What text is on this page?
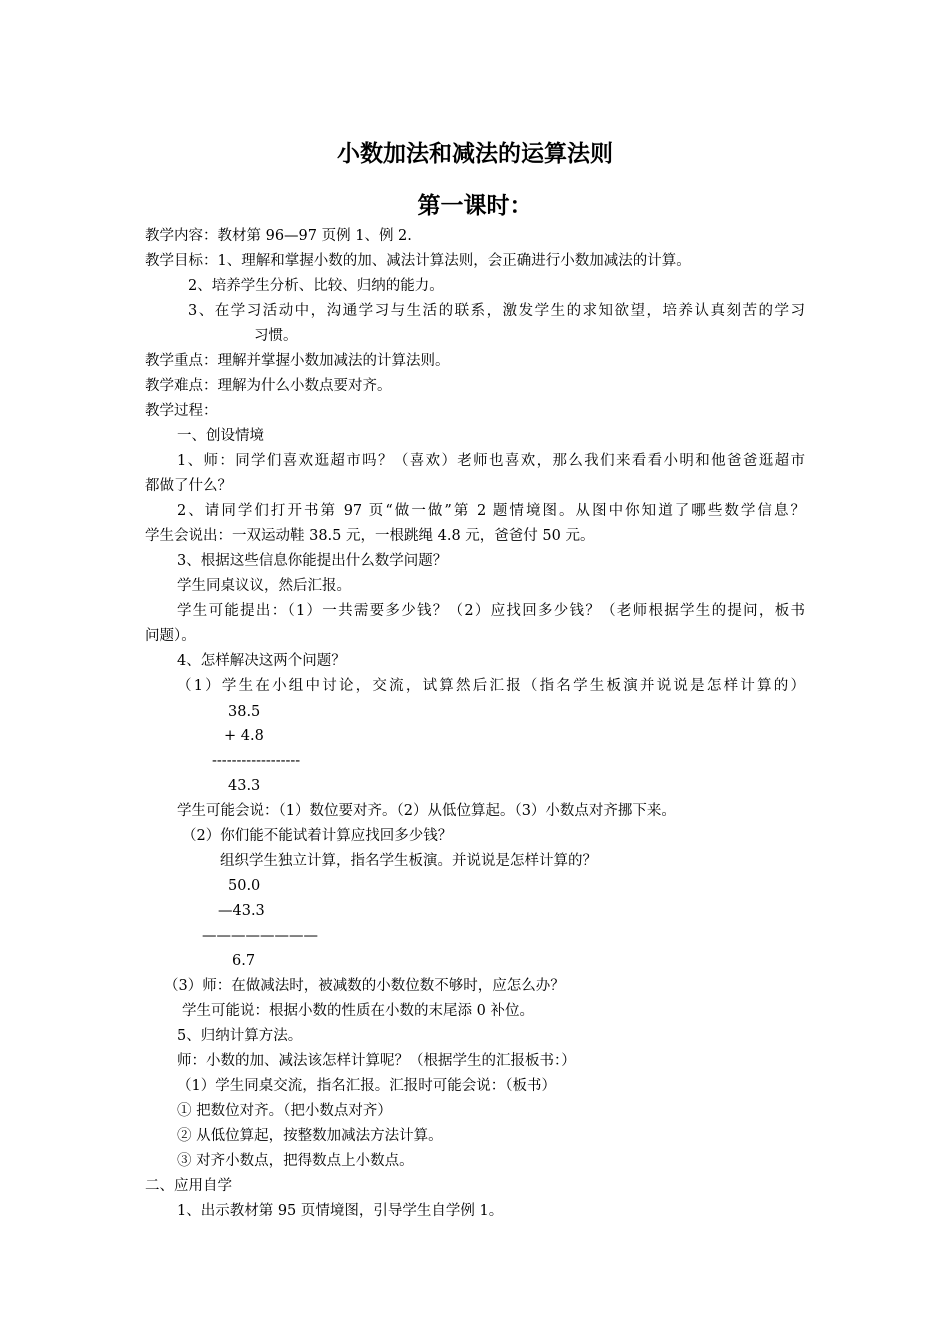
小数加法和减法的运算法则
第一课时：
教学内容：教材第 96—97 页例 1、例 2.
教学目标：1、理解和掌握小数的加、减法计算法则，会正确进行小数加减法的计算。
2、培养学生分析、比较、归纳的能力。
3、在学习活动中，沟通学习与生活的联系，激发学生的求知欲望，培养认真刻苦的学习
习惯。
教学重点：理解并掌握小数加减法的计算法则。
教学难点：理解为什么小数点要对齐。
教学过程：
一、创设情境
1、师：同学们喜欢逛超市吗？（喜欢）老师也喜欢，那么我们来看看小明和他爸爸逛超市
都做了什么？
2、请同学们打开书第 97 页“做一做”第 2 题情境图。从图中你知道了哪些数学信息？
学生会说出：一双运动鞋 38.5 元，一根跳绳 4.8 元，爸爸付 50 元。
3、根据这些信息你能提出什么数学问题？
学生同桌议议，然后汇报。
学生可能提出：（1）一共需要多少钱？（2）应找回多少钱？（老师根据学生的提问，板书
问题）。
4、怎样解决这两个问题？
（1）学生在小组中讨论，交流，试算然后汇报（指名学生板演并说说是怎样计算的）
38.5
+ 4.8
------------------
43.3
学生可能会说：（1）数位要对齐。（2）从低位算起。（3）小数点对齐挪下来。
（2）你们能不能试着计算应找回多少钱？
组织学生独立计算，指名学生板演。并说说是怎样计算的？
50.0
—43.3
————————
6.7
（3）师：在做减法时，被减数的小数位数不够时，应怎么办？
学生可能说：根据小数的性质在小数的末尾添 0 补位。
5、归纳计算方法。
师：小数的加、减法该怎样计算呢？（根据学生的汇报板书：）
（1）学生同桌交流，指名汇报。汇报时可能会说：（板书）
① 把数位对齐。（把小数点对齐）
② 从低位算起，按整数加减法方法计算。
③ 对齐小数点，把得数点上小数点。
二、应用自学
1、出示教材第 95 页情境图，引导学生自学例 1。
